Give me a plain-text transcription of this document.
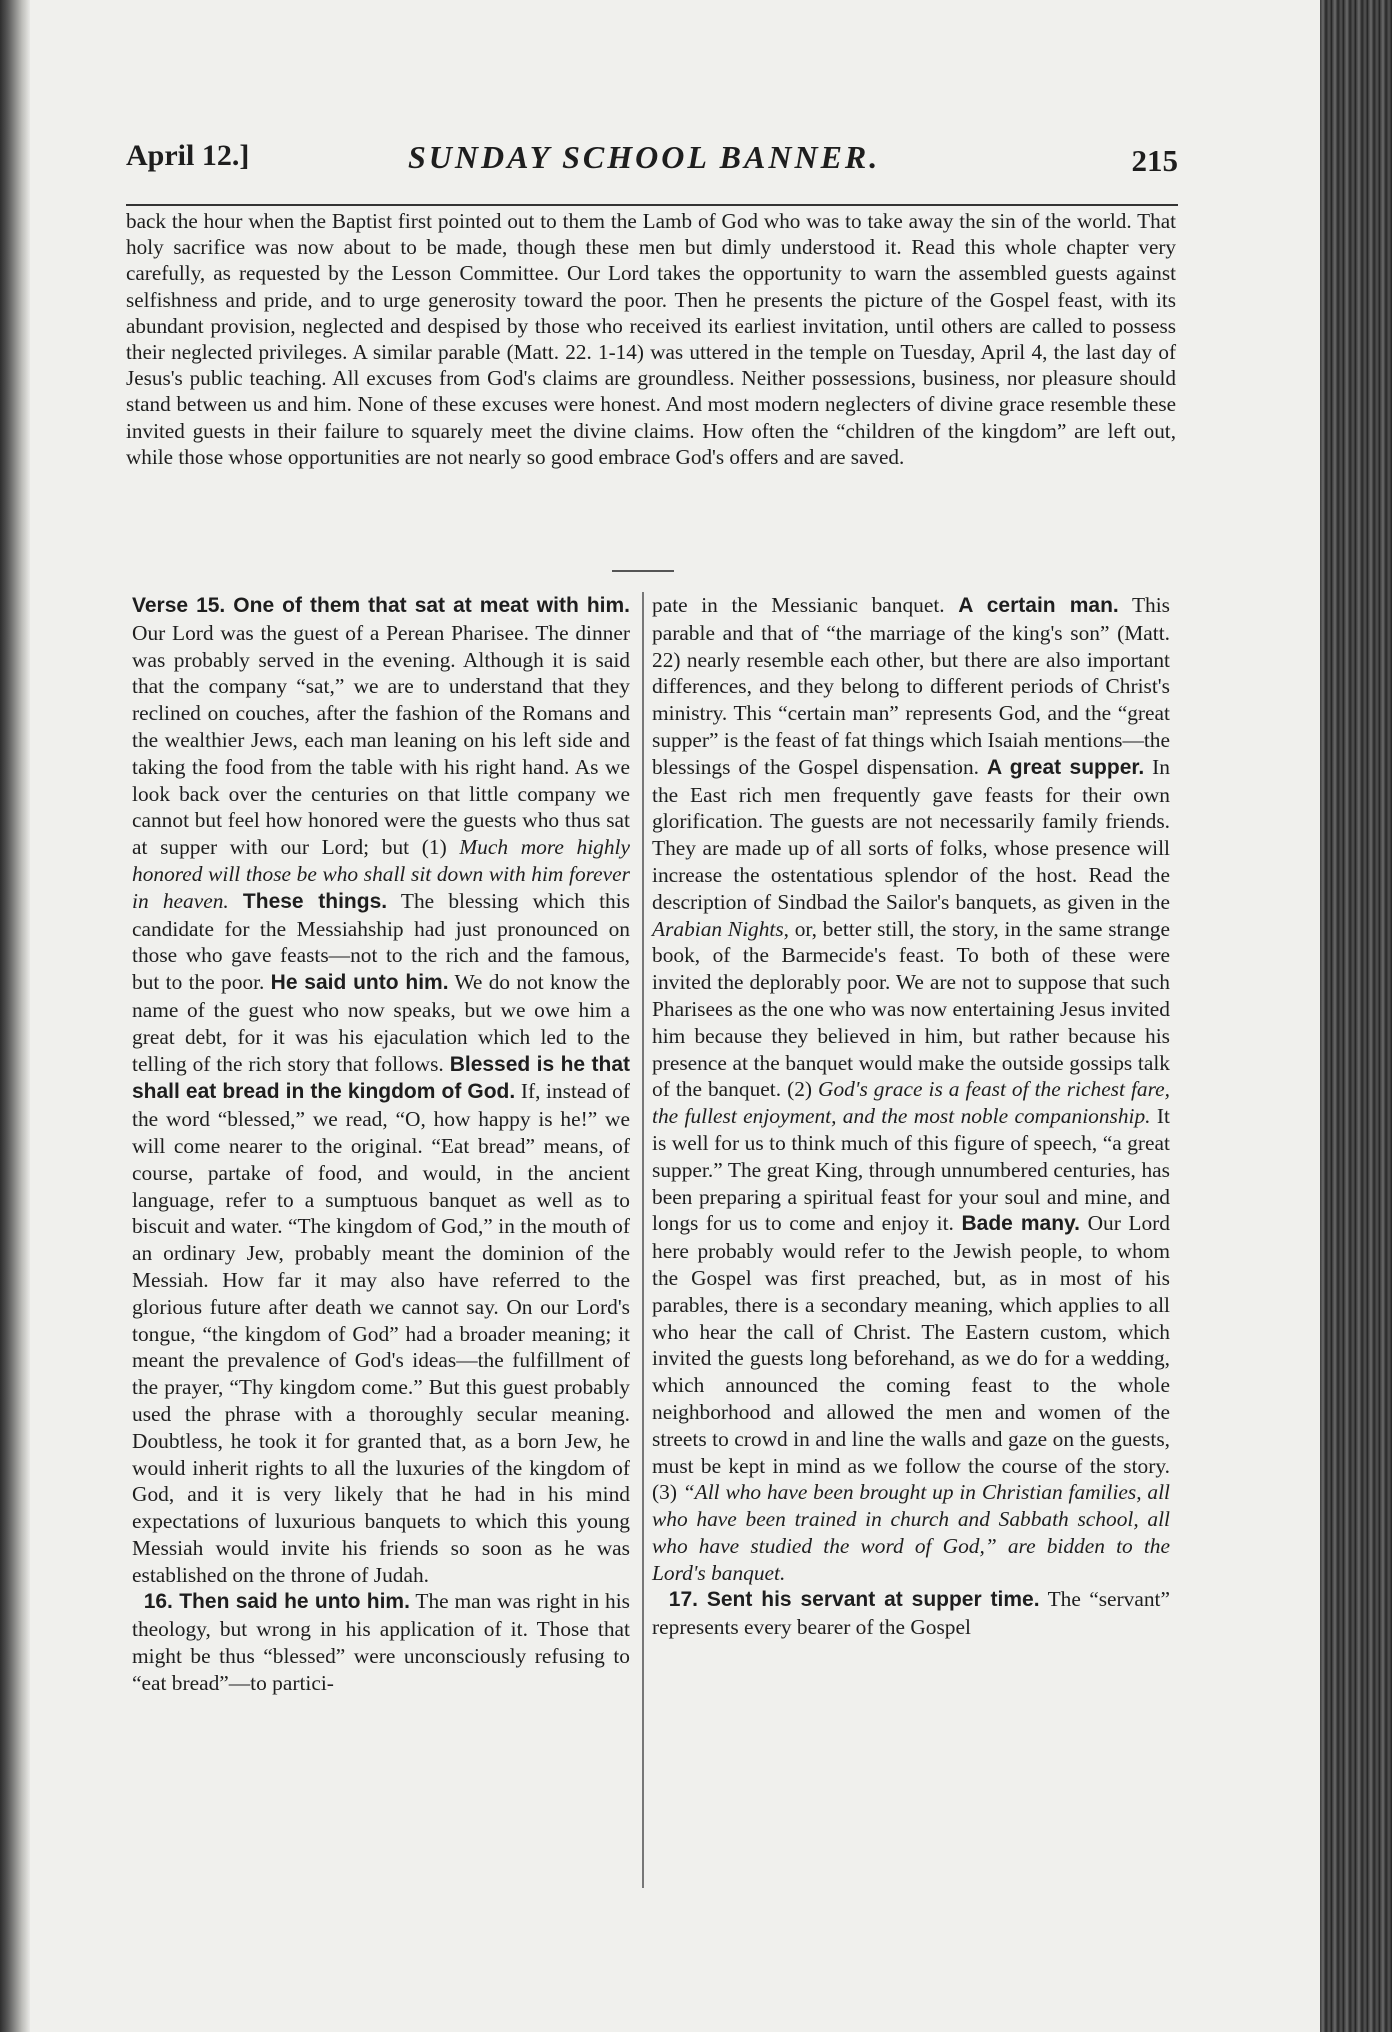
April 12.]	SUNDAY SCHOOL BANNER.	215

back the hour when the Baptist first pointed out to them the Lamb of God who was to take away the sin of the world. That holy sacrifice was now about to be made, though these men but dimly understood it. Read this whole chapter very carefully, as requested by the Lesson Committee. Our Lord takes the opportunity to warn the assembled guests against selfishness and pride, and to urge generosity toward the poor. Then he presents the picture of the Gospel feast, with its abundant provision, neglected and despised by those who received its earliest invitation, until others are called to possess their neglected privileges. A similar parable (Matt. 22. 1-14) was uttered in the temple on Tuesday, April 4, the last day of Jesus's public teaching. All excuses from God's claims are groundless. Neither possessions, business, nor pleasure should stand between us and him. None of these excuses were honest. And most modern neglecters of divine grace resemble these invited guests in their failure to squarely meet the divine claims. How often the “children of the kingdom” are left out, while those whose opportunities are not nearly so good embrace God's offers and are saved.

Verse 15. One of them that sat at meat with him. Our Lord was the guest of a Perean Pharisee. The dinner was probably served in the evening. Although it is said that the company “sat,” we are to understand that they reclined on couches, after the fashion of the Romans and the wealthier Jews, each man leaning on his left side and taking the food from the table with his right hand. As we look back over the centuries on that little company we cannot but feel how honored were the guests who thus sat at supper with our Lord; but (1) Much more highly honored will those be who shall sit down with him forever in heaven. These things. The blessing which this candidate for the Messiahship had just pronounced on those who gave feasts—not to the rich and the famous, but to the poor. He said unto him. We do not know the name of the guest who now speaks, but we owe him a great debt, for it was his ejaculation which led to the telling of the rich story that follows. Blessed is he that shall eat bread in the kingdom of God. If, instead of the word “blessed,” we read, “O, how happy is he!” we will come nearer to the original. “Eat bread” means, of course, partake of food, and would, in the ancient language, refer to a sumptuous banquet as well as to biscuit and water. “The kingdom of God,” in the mouth of an ordinary Jew, probably meant the dominion of the Messiah. How far it may also have referred to the glorious future after death we cannot say. On our Lord's tongue, “the kingdom of God” had a broader meaning; it meant the prevalence of God's ideas—the fulfillment of the prayer, “Thy kingdom come.” But this guest probably used the phrase with a thoroughly secular meaning. Doubtless, he took it for granted that, as a born Jew, he would inherit rights to all the luxuries of the kingdom of God, and it is very likely that he had in his mind expectations of luxurious banquets to which this young Messiah would invite his friends so soon as he was established on the throne of Judah.

16. Then said he unto him. The man was right in his theology, but wrong in his application of it. Those that might be thus “blessed” were unconsciously refusing to “eat bread”—to partici-

pate in the Messianic banquet. A certain man. This parable and that of “the marriage of the king's son” (Matt. 22) nearly resemble each other, but there are also important differences, and they belong to different periods of Christ's ministry. This “certain man” represents God, and the “great supper” is the feast of fat things which Isaiah mentions—the blessings of the Gospel dispensation. A great supper. In the East rich men frequently gave feasts for their own glorification. The guests are not necessarily family friends. They are made up of all sorts of folks, whose presence will increase the ostentatious splendor of the host. Read the description of Sindbad the Sailor's banquets, as given in the Arabian Nights, or, better still, the story, in the same strange book, of the Barmecide's feast. To both of these were invited the deplorably poor. We are not to suppose that such Pharisees as the one who was now entertaining Jesus invited him because they believed in him, but rather because his presence at the banquet would make the outside gossips talk of the banquet. (2) God's grace is a feast of the richest fare, the fullest enjoyment, and the most noble companionship. It is well for us to think much of this figure of speech, “a great supper.” The great King, through unnumbered centuries, has been preparing a spiritual feast for your soul and mine, and longs for us to come and enjoy it. Bade many. Our Lord here probably would refer to the Jewish people, to whom the Gospel was first preached, but, as in most of his parables, there is a secondary meaning, which applies to all who hear the call of Christ. The Eastern custom, which invited the guests long beforehand, as we do for a wedding, which announced the coming feast to the whole neighborhood and allowed the men and women of the streets to crowd in and line the walls and gaze on the guests, must be kept in mind as we follow the course of the story. (3) “All who have been brought up in Christian families, all who have been trained in church and Sabbath school, all who have studied the word of God,” are bidden to the Lord's banquet.

17. Sent his servant at supper time. The “servant” represents every bearer of the Gospel
